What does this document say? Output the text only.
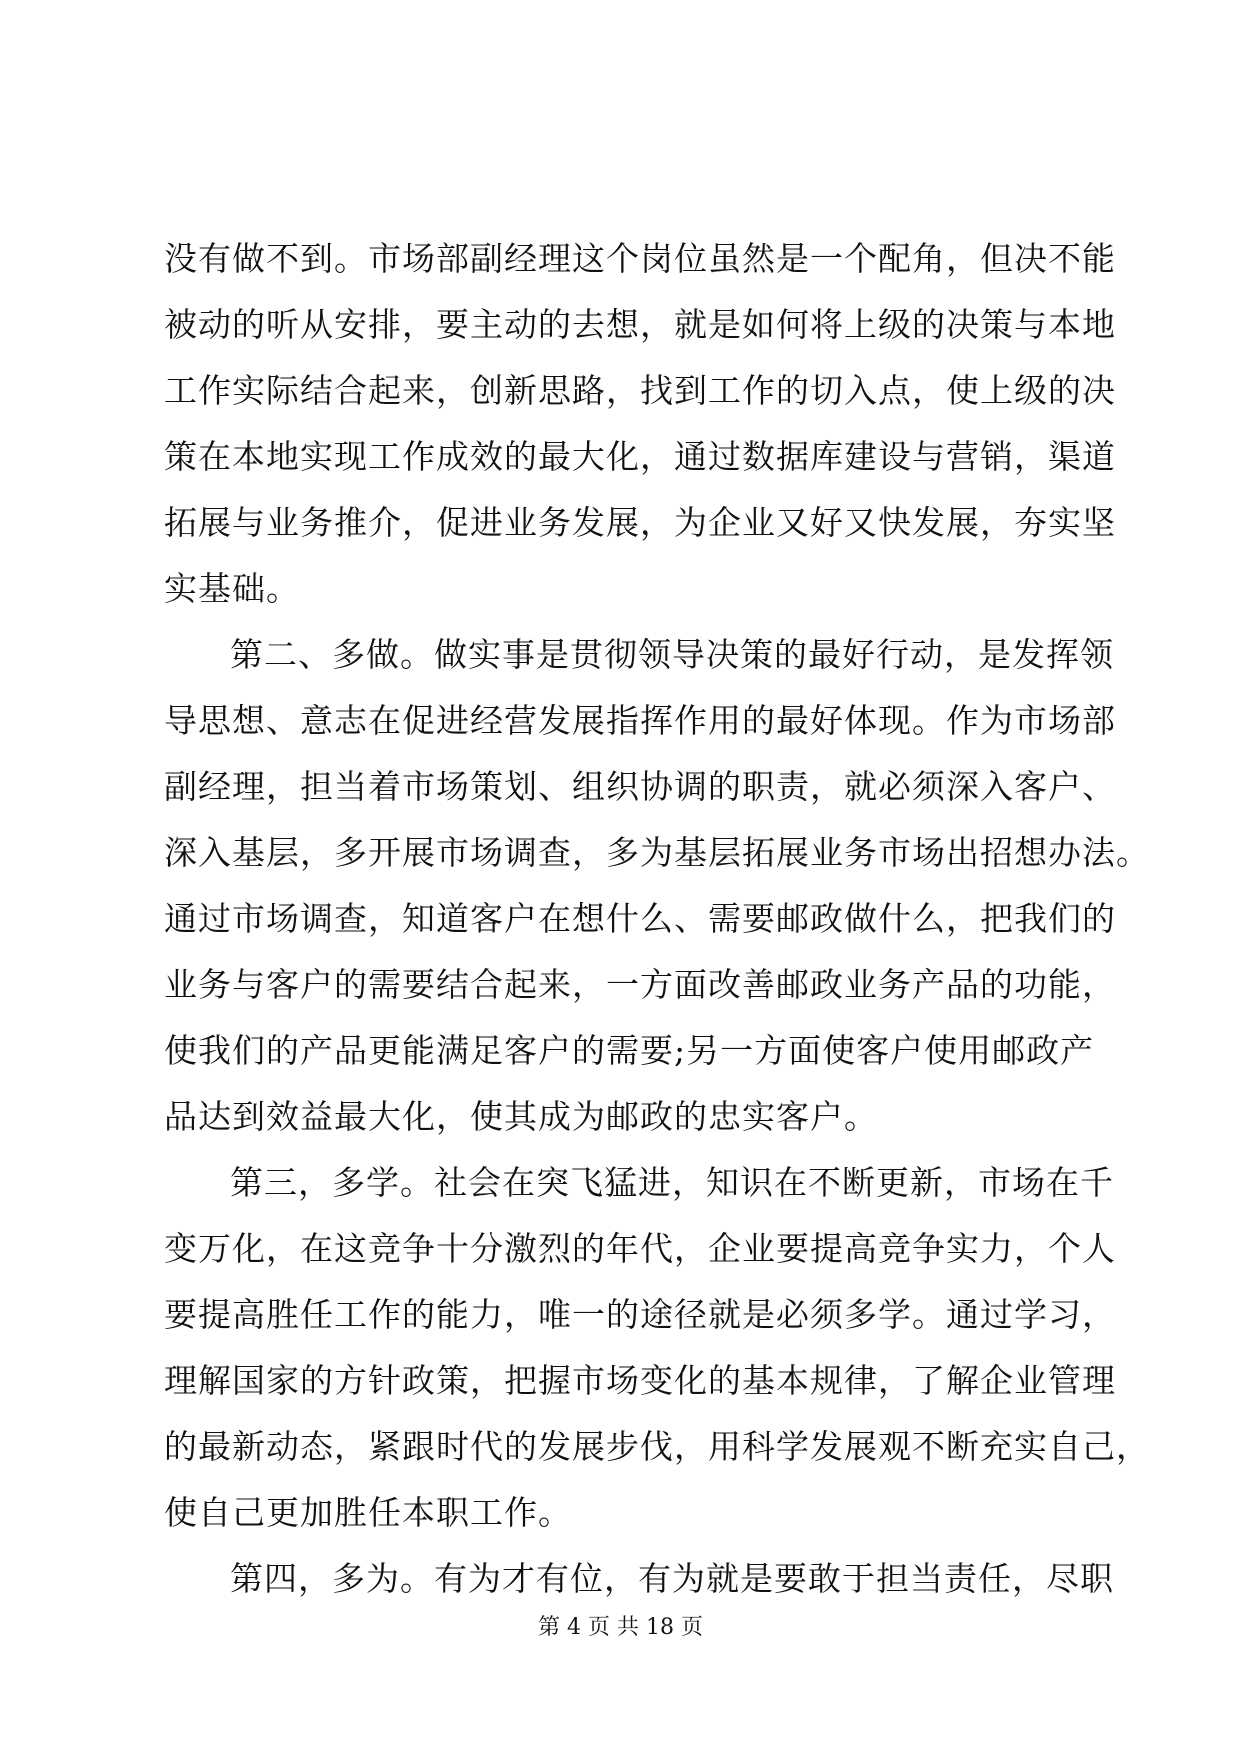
没有做不到。市场部副经理这个岗位虽然是一个配角，但决不能
被动的听从安排，要主动的去想，就是如何将上级的决策与本地
工作实际结合起来，创新思路，找到工作的切入点，使上级的决
策在本地实现工作成效的最大化，通过数据库建设与营销，渠道
拓展与业务推介，促进业务发展，为企业又好又快发展，夯实坚
实基础。
第二、多做。做实事是贯彻领导决策的最好行动，是发挥领
导思想、意志在促进经营发展指挥作用的最好体现。作为市场部
副经理，担当着市场策划、组织协调的职责，就必须深入客户、
深入基层，多开展市场调查，多为基层拓展业务市场出招想办法。
通过市场调查，知道客户在想什么、需要邮政做什么，把我们的
业务与客户的需要结合起来，一方面改善邮政业务产品的功能，
使我们的产品更能满足客户的需要;另一方面使客户使用邮政产
品达到效益最大化，使其成为邮政的忠实客户。
第三，多学。社会在突飞猛进，知识在不断更新，市场在千
变万化，在这竞争十分激烈的年代，企业要提高竞争实力，个人
要提高胜任工作的能力，唯一的途径就是必须多学。通过学习，
理解国家的方针政策，把握市场变化的基本规律，了解企业管理
的最新动态，紧跟时代的发展步伐，用科学发展观不断充实自己，
使自己更加胜任本职工作。
第四，多为。有为才有位，有为就是要敢于担当责任，尽职
第 4 页 共 18 页
